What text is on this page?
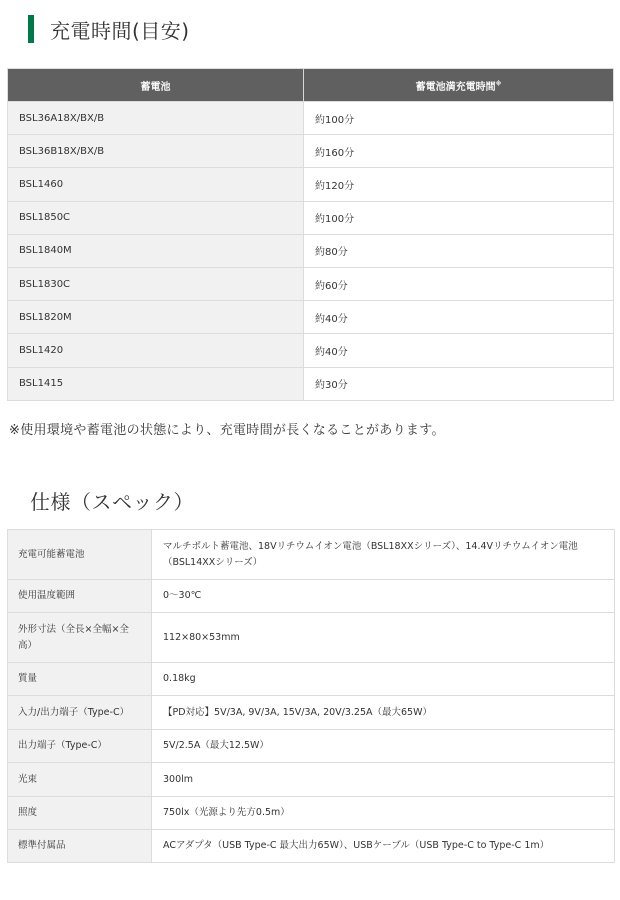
充電時間(目安)
蓄電池	蓄電池満充電時間※
BSL36A18X/BX/B	約100分
BSL36B18X/BX/B	約160分
BSL1460	約120分
BSL1850C	約100分
BSL1840M	約80分
BSL1830C	約60分
BSL1820M	約40分
BSL1420	約40分
BSL1415	約30分

※使用環境や蓄電池の状態により、充電時間が長くなることがあります。

仕様（スペック）
充電可能蓄電池	マルチボルト蓄電池、18Vリチウムイオン電池（BSL18XXシリーズ）、14.4Vリチウムイオン電池（BSL14XXシリーズ）
使用温度範囲	0〜30℃
外形寸法（全長×全幅×全高）	112×80×53mm
質量	0.18kg
入力/出力端子（Type-C）	【PD対応】5V/3A, 9V/3A, 15V/3A, 20V/3.25A（最大65W）
出力端子（Type-C）	5V/2.5A（最大12.5W）
光束	300lm
照度	750lx（光源より先方0.5m）
標準付属品	ACアダプタ（USB Type-C 最大出力65W）、USBケーブル（USB Type-C to Type-C 1m）
